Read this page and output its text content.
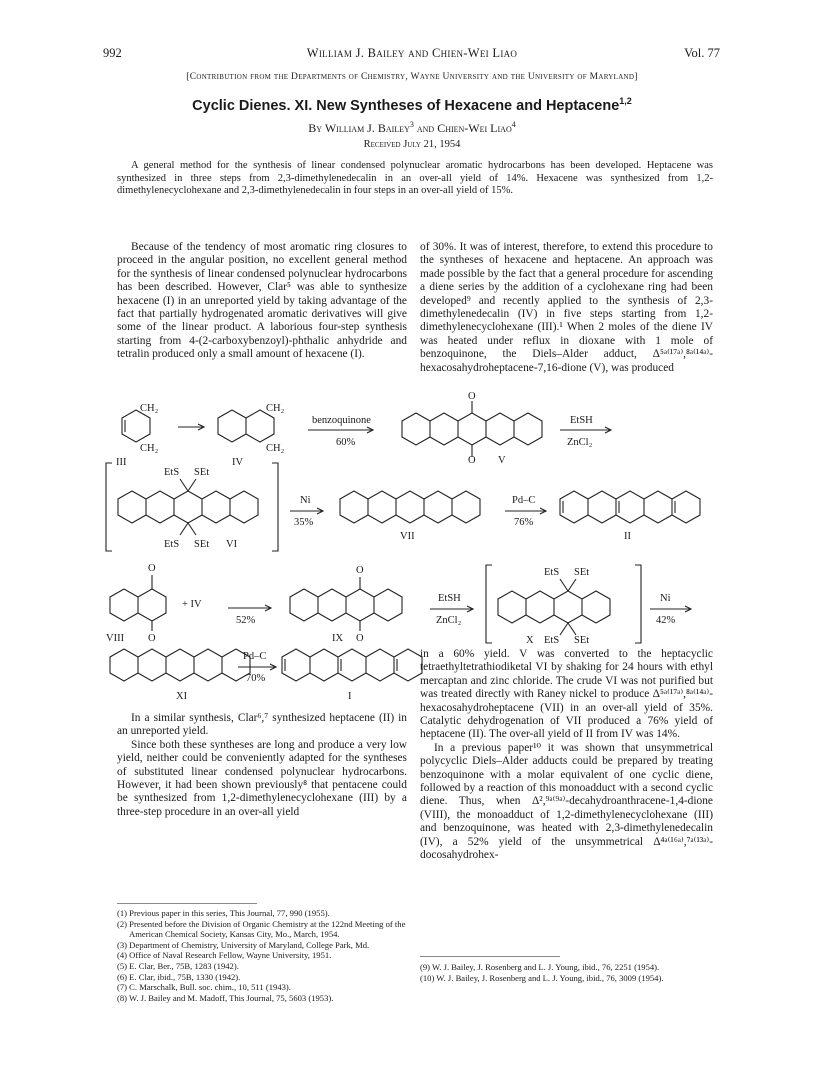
992	William J. Bailey and Chien-Wei Liao	Vol. 77
[Contribution from the Departments of Chemistry, Wayne University and the University of Maryland]
Cyclic Dienes. XI. New Syntheses of Hexacene and Heptacene$^{1,2}$
By William J. Bailey$^3$ and Chien-Wei Liao$^4$
Received July 21, 1954

A general method for the synthesis of linear condensed polynuclear aromatic hydrocarbons has been developed. Heptacene was synthesized in three steps from 2,3-dimethylenedecalin in an over-all yield of 14%. Hexacene was synthesized from 1,2-dimethylenecyclohexane and 2,3-dimethylenedecalin in four steps in an over-all yield of 15%.

Because of the tendency of most aromatic ring closures to proceed in the angular position, no excellent general method for the synthesis of linear condensed polynuclear hydrocarbons has been described. However, Clar⁵ was able to synthesize hexacene (I) in an unreported yield by taking advantage of the fact that partially hydrogenated aromatic derivatives will give some of the linear product. A laborious four-step synthesis starting from 4-(2-carboxybenzoyl)-phthalic anhydride and tetralin produced only a small amount of hexacene (I).

of 30%. It was of interest, therefore, to extend this procedure to the syntheses of hexacene and heptacene. An approach was made possible by the fact that a general procedure for ascending a diene series by the addition of a cyclohexane ring had been developed⁹ and recently applied to the synthesis of 2,3-dimethylenedecalin (IV) in five steps starting from 1,2-dimethylenecyclohexane (III).¹ When 2 moles of the diene IV was heated under reflux in dioxane with 1 mole of benzoquinone, the Diels–Alder adduct, Δ⁵ᵃ⁽¹⁷ᵃ⁾,⁸ᵃ⁽¹⁴ᵃ⁾-hexacosahydroheptacene-7,16-dione (V), was produced

CH₂
CH₂
CH₂
CH₂
III	IV
benzoquinone
60%
O
O V
EtSH
ZnCl₂
EtS SEt
EtS SEt VI
Ni
35%
VII
Pd–C
76%
II
O
O
VIII
+ IV
52%
O
O
IX
EtSH
ZnCl₂
EtS SEt
EtS SEt
X
Ni
42%
XI
Pd–C
70%
I

in a 60% yield. V was converted to the heptacyclic tetraethyltetrathiodiketal VI by shaking for 24 hours with ethyl mercaptan and zinc chloride. The crude VI was not purified but was treated directly with Raney nickel to produce Δ⁵ᵃ⁽¹⁷ᵃ⁾,⁸ᵃ⁽¹⁴ᵃ⁾-hexacosahydroheptacene (VII) in an over-all yield of 35%. Catalytic dehydrogenation of VII produced a 76% yield of heptacene (II). The over-all yield of II from IV was 14%.

In a previous paper¹⁰ it was shown that unsymmetrical polycyclic Diels–Alder adducts could be prepared by treating benzoquinone with a molar equivalent of one cyclic diene, followed by a reaction of this monoadduct with a second cyclic diene. Thus, when Δ²,⁹ᵃ⁽⁹ᵃ⁾-decahydroanthracene-1,4-dione (VIII), the monoadduct of 1,2-dimethylenecyclohexane (III) and benzoquinone, was heated with 2,3-dimethylenedecalin (IV), a 52% yield of the unsymmetrical Δ⁴ᵃ⁽¹⁶ᵃ⁾,⁷ᵃ⁽¹³ᵃ⁾-docosahydrohex-

In a similar synthesis, Clar⁶,⁷ synthesized heptacene (II) in an unreported yield.

Since both these syntheses are long and produce a very low yield, neither could be conveniently adapted for the syntheses of substituted linear condensed polynuclear hydrocarbons. However, it had been shown previously⁸ that pentacene could be synthesized from 1,2-dimethylenecyclohexane (III) by a three-step procedure in an over-all yield

(1) Previous paper in this series, This Journal, 77, 990 (1955).

(2) Presented before the Division of Organic Chemistry at the 122nd Meeting of the American Chemical Society, Kansas City, Mo., March, 1954.

(3) Department of Chemistry, University of Maryland, College Park, Md.

(4) Office of Naval Research Fellow, Wayne University, 1951.

(5) E. Clar, Ber., 75B, 1283 (1942).

(6) E. Clar, ibid., 75B, 1330 (1942).

(7) C. Marschalk, Bull. soc. chim., 10, 511 (1943).

(8) W. J. Bailey and M. Madoff, This Journal, 75, 5603 (1953).

(9) W. J. Bailey, J. Rosenberg and L. J. Young, ibid., 76, 2251 (1954).

(10) W. J. Bailey, J. Rosenberg and L. J. Young, ibid., 76, 3009 (1954).
